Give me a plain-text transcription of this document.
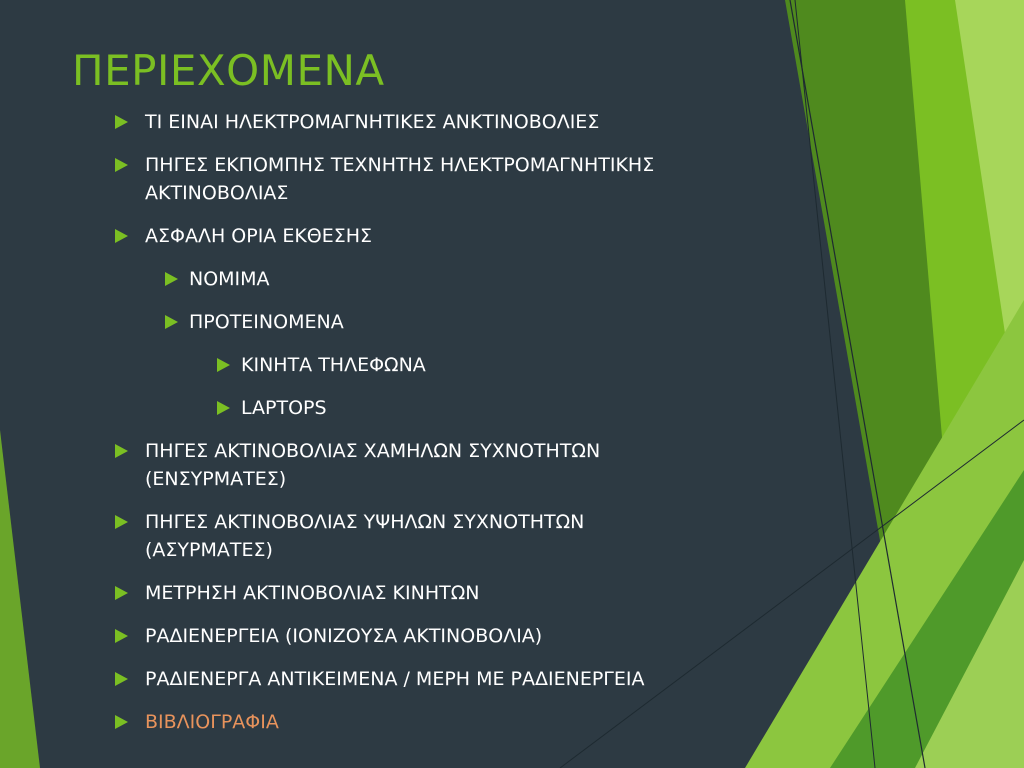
ΠΕΡΙΕΧΟΜΕΝΑ
ΤΙ ΕΙΝΑΙ ΗΛΕΚΤΡΟΜΑΓΝΗΤΙΚΕΣ ΑΝΚΤΙΝΟΒΟΛΙΕΣ
ΠΗΓΕΣ ΕΚΠΟΜΠΗΣ ΤΕΧΝΗΤΗΣ ΗΛΕΚΤΡΟΜΑΓΝΗΤΙΚΗΣ
ΑΚΤΙΝΟΒΟΛΙΑΣ
ΑΣΦΑΛΗ ΟΡΙΑ ΕΚΘΕΣΗΣ
ΝΟΜΙΜΑ
ΠΡΟΤΕΙΝΟΜΕΝΑ
ΚΙΝΗΤΑ ΤΗΛΕΦΩΝΑ
LAPTOPS
ΠΗΓΕΣ ΑΚΤΙΝΟΒΟΛΙΑΣ ΧΑΜΗΛΩΝ ΣΥΧΝΟΤΗΤΩΝ
(ΕΝΣΥΡΜΑΤΕΣ)
ΠΗΓΕΣ ΑΚΤΙΝΟΒΟΛΙΑΣ ΥΨΗΛΩΝ ΣΥΧΝΟΤΗΤΩΝ
(ΑΣΥΡΜΑΤΕΣ)
ΜΕΤΡΗΣΗ ΑΚΤΙΝΟΒΟΛΙΑΣ ΚΙΝΗΤΩΝ
ΡΑΔΙΕΝΕΡΓΕΙΑ (ΙΟΝΙΖΟΥΣΑ ΑΚΤΙΝΟΒΟΛΙΑ)
ΡΑΔΙΕΝΕΡΓΑ ΑΝΤΙΚΕΙΜΕΝΑ / ΜΕΡΗ ΜΕ ΡΑΔΙΕΝΕΡΓΕΙΑ
ΒΙΒΛΙΟΓΡΑΦΙΑ
